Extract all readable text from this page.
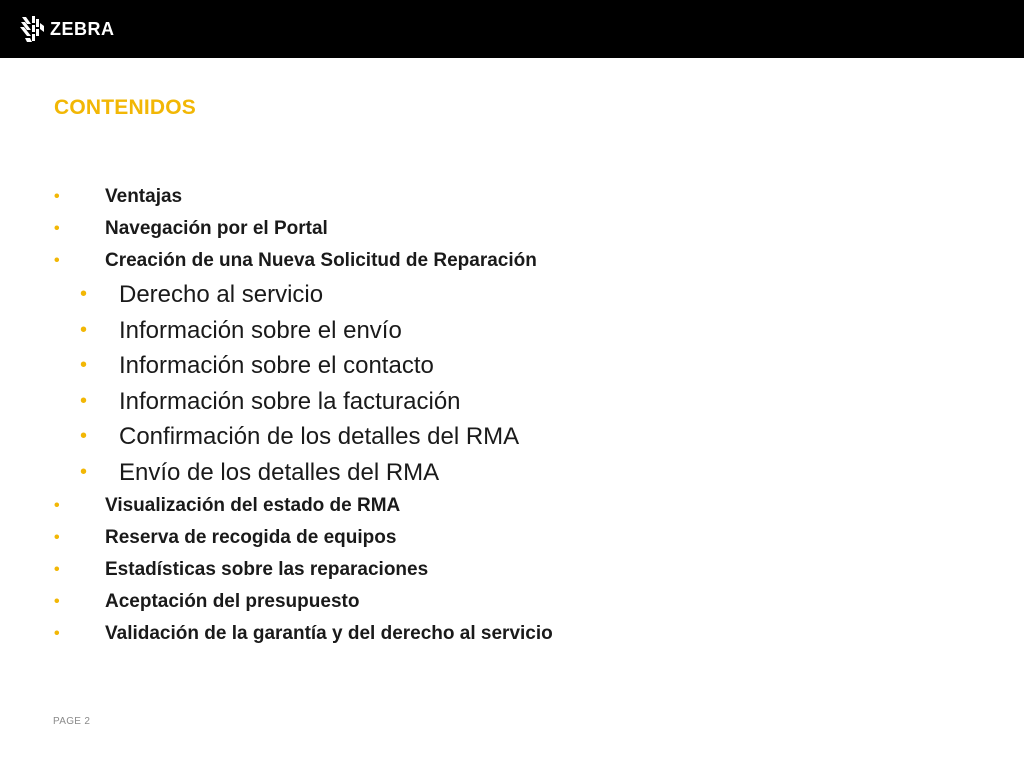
ZEBRA
CONTENIDOS
• Ventajas
• Navegación por el Portal
• Creación de una Nueva Solicitud de Reparación
• Derecho al servicio
• Información sobre el envío
• Información sobre el contacto
• Información sobre la facturación
• Confirmación de los detalles del RMA
• Envío de los detalles del RMA
• Visualización del estado de RMA
• Reserva de recogida de equipos
• Estadísticas sobre las reparaciones
• Aceptación del presupuesto
• Validación de la garantía y del derecho al servicio
PAGE 2
